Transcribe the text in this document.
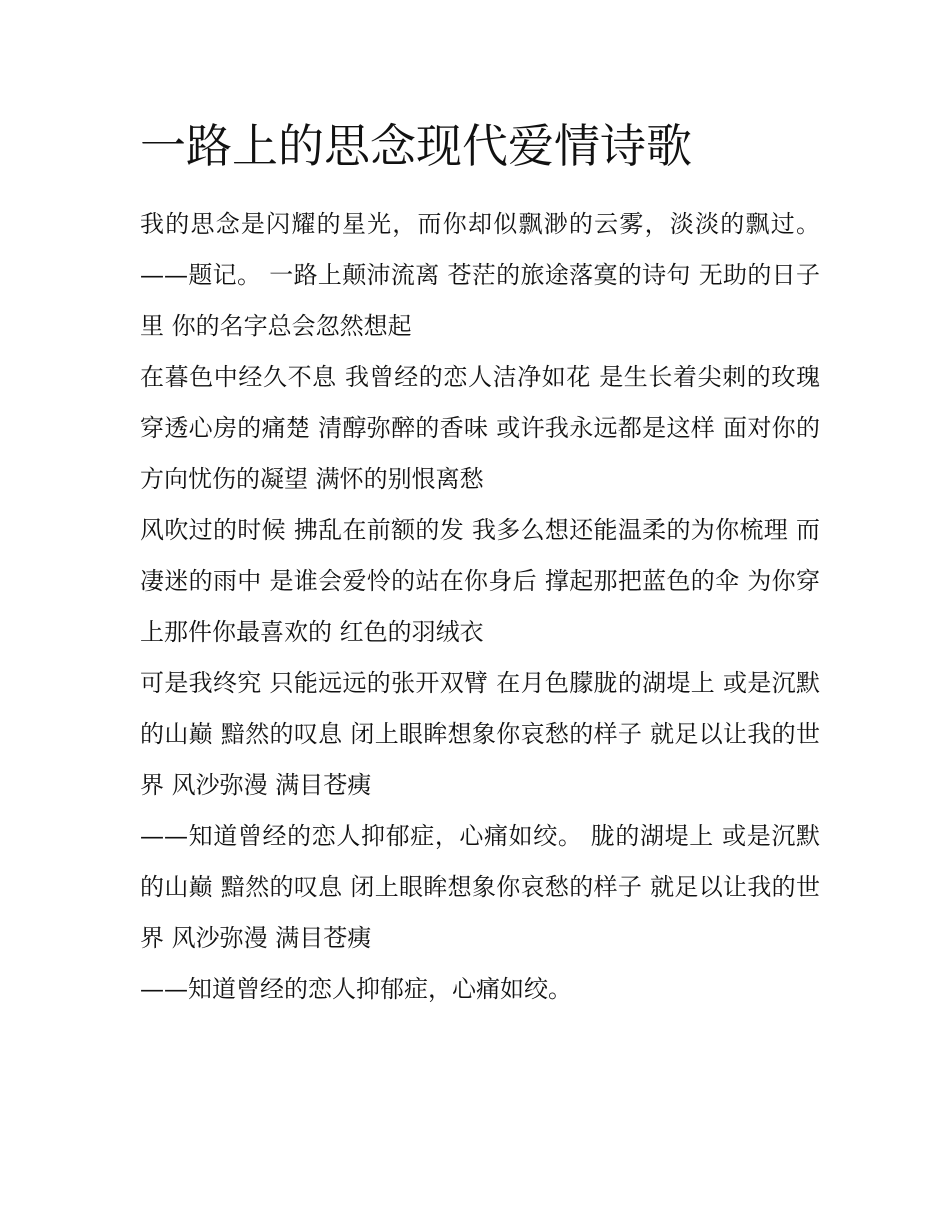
一路上的思念现代爱情诗歌

我的思念是闪耀的星光，而你却似飘渺的云雾，淡淡的飘过。——题记。 一路上颠沛流离 苍茫的旅途落寞的诗句 无助的日子里 你的名字总会忽然想起

在暮色中经久不息 我曾经的恋人洁净如花 是生长着尖刺的玫瑰 穿透心房的痛楚 清醇弥醉的香味 或许我永远都是这样 面对你的方向忧伤的凝望 满怀的别恨离愁

风吹过的时候 拂乱在前额的发 我多么想还能温柔的为你梳理 而凄迷的雨中 是谁会爱怜的站在你身后 撑起那把蓝色的伞 为你穿上那件你最喜欢的 红色的羽绒衣

可是我终究 只能远远的张开双臂 在月色朦胧的湖堤上 或是沉默的山巅 黯然的叹息 闭上眼眸想象你哀愁的样子 就足以让我的世界 风沙弥漫 满目苍痍

——知道曾经的恋人抑郁症，心痛如绞。 胧的湖堤上 或是沉默的山巅 黯然的叹息 闭上眼眸想象你哀愁的样子 就足以让我的世界 风沙弥漫 满目苍痍

——知道曾经的恋人抑郁症，心痛如绞。
